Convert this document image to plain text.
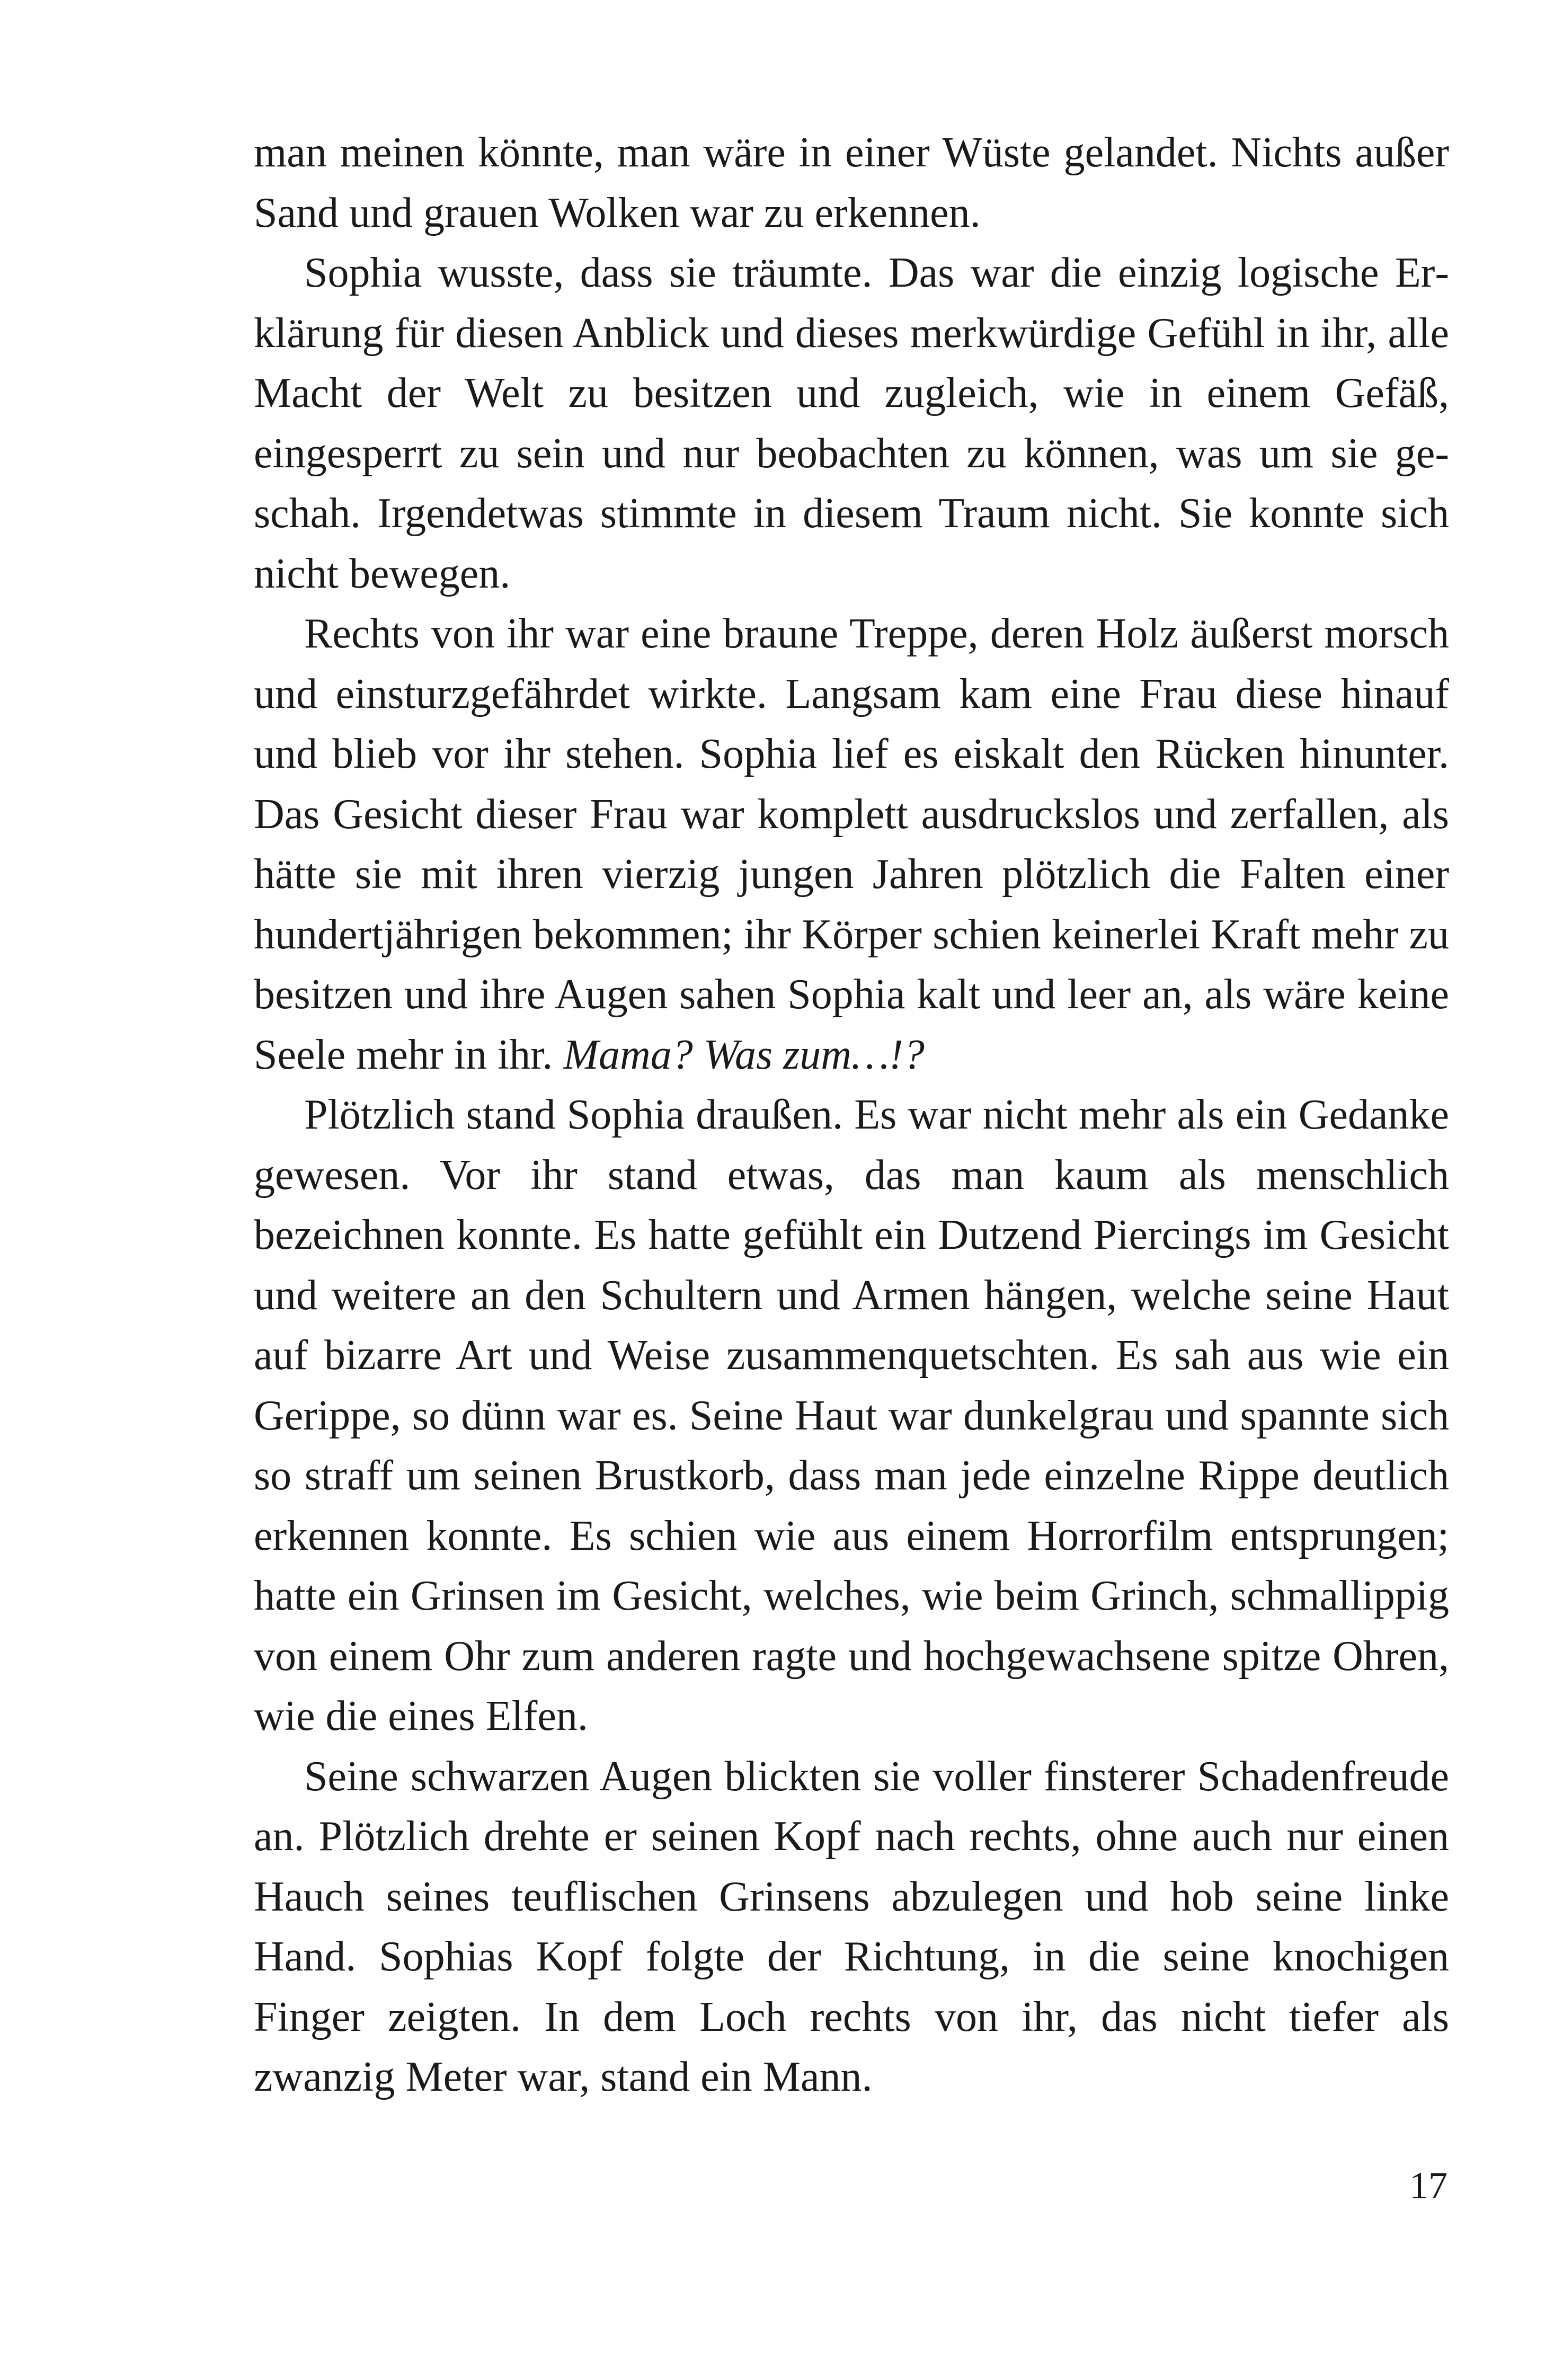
man meinen könnte, man wäre in einer Wüste gelandet. Nichts außer Sand und grauen Wolken war zu erkennen.

Sophia wusste, dass sie träumte. Das war die einzig logische Erklärung für diesen Anblick und dieses merkwürdige Gefühl in ihr, alle Macht der Welt zu besitzen und zugleich, wie in einem Gefäß, eingesperrt zu sein und nur beobachten zu können, was um sie geschah. Irgendetwas stimmte in diesem Traum nicht. Sie konnte sich nicht bewegen.

Rechts von ihr war eine braune Treppe, deren Holz äußerst morsch und einsturzgefährdet wirkte. Langsam kam eine Frau diese hinauf und blieb vor ihr stehen. Sophia lief es eiskalt den Rücken hinunter. Das Gesicht dieser Frau war komplett ausdruckslos und zerfallen, als hätte sie mit ihren vierzig jungen Jahren plötzlich die Falten einer hundertjährigen bekommen; ihr Körper schien keinerlei Kraft mehr zu besitzen und ihre Augen sahen Sophia kalt und leer an, als wäre keine Seele mehr in ihr. Mama? Was zum…!?

Plötzlich stand Sophia draußen. Es war nicht mehr als ein Gedanke gewesen. Vor ihr stand etwas, das man kaum als menschlich bezeichnen konnte. Es hatte gefühlt ein Dutzend Piercings im Gesicht und weitere an den Schultern und Armen hängen, welche seine Haut auf bizarre Art und Weise zusammenquetschten. Es sah aus wie ein Gerippe, so dünn war es. Seine Haut war dunkelgrau und spannte sich so straff um seinen Brustkorb, dass man jede einzelne Rippe deutlich erkennen konnte. Es schien wie aus einem Horrorfilm entsprungen; hatte ein Grinsen im Gesicht, welches, wie beim Grinch, schmallippig von einem Ohr zum anderen ragte und hochgewachsene spitze Ohren, wie die eines Elfen.

Seine schwarzen Augen blickten sie voller finsterer Schadenfreude an. Plötzlich drehte er seinen Kopf nach rechts, ohne auch nur einen Hauch seines teuflischen Grinsens abzulegen und hob seine linke Hand. Sophias Kopf folgte der Richtung, in die seine knochigen Finger zeigten. In dem Loch rechts von ihr, das nicht tiefer als zwanzig Meter war, stand ein Mann.

17
